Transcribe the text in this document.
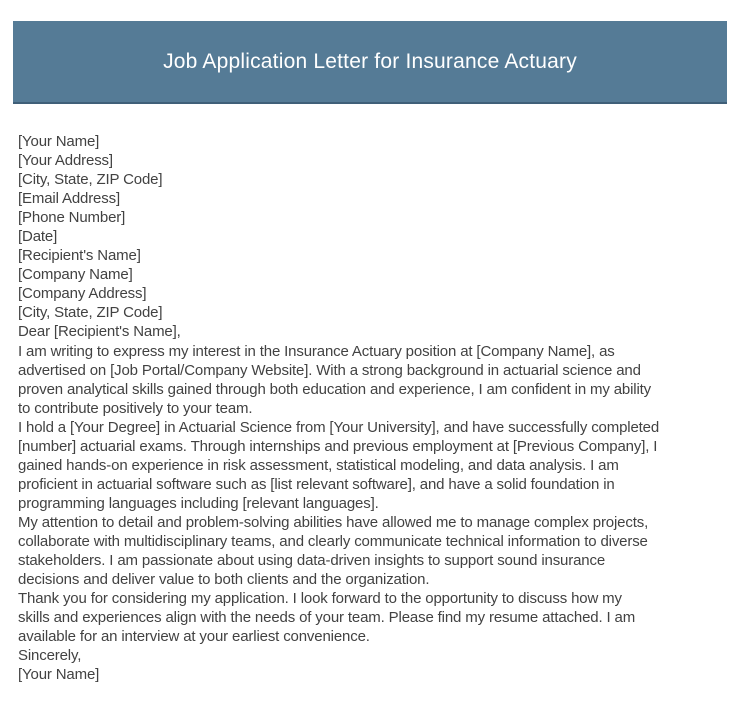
Job Application Letter for Insurance Actuary
[Your Name]
[Your Address]
[City, State, ZIP Code]
[Email Address]
[Phone Number]
[Date]
[Recipient's Name]
[Company Name]
[Company Address]
[City, State, ZIP Code]
Dear [Recipient's Name],
I am writing to express my interest in the Insurance Actuary position at [Company Name], as
advertised on [Job Portal/Company Website]. With a strong background in actuarial science and
proven analytical skills gained through both education and experience, I am confident in my ability
to contribute positively to your team.
I hold a [Your Degree] in Actuarial Science from [Your University], and have successfully completed
[number] actuarial exams. Through internships and previous employment at [Previous Company], I
gained hands-on experience in risk assessment, statistical modeling, and data analysis. I am
proficient in actuarial software such as [list relevant software], and have a solid foundation in
programming languages including [relevant languages].
My attention to detail and problem-solving abilities have allowed me to manage complex projects,
collaborate with multidisciplinary teams, and clearly communicate technical information to diverse
stakeholders. I am passionate about using data-driven insights to support sound insurance
decisions and deliver value to both clients and the organization.
Thank you for considering my application. I look forward to the opportunity to discuss how my
skills and experiences align with the needs of your team. Please find my resume attached. I am
available for an interview at your earliest convenience.
Sincerely,
[Your Name]
